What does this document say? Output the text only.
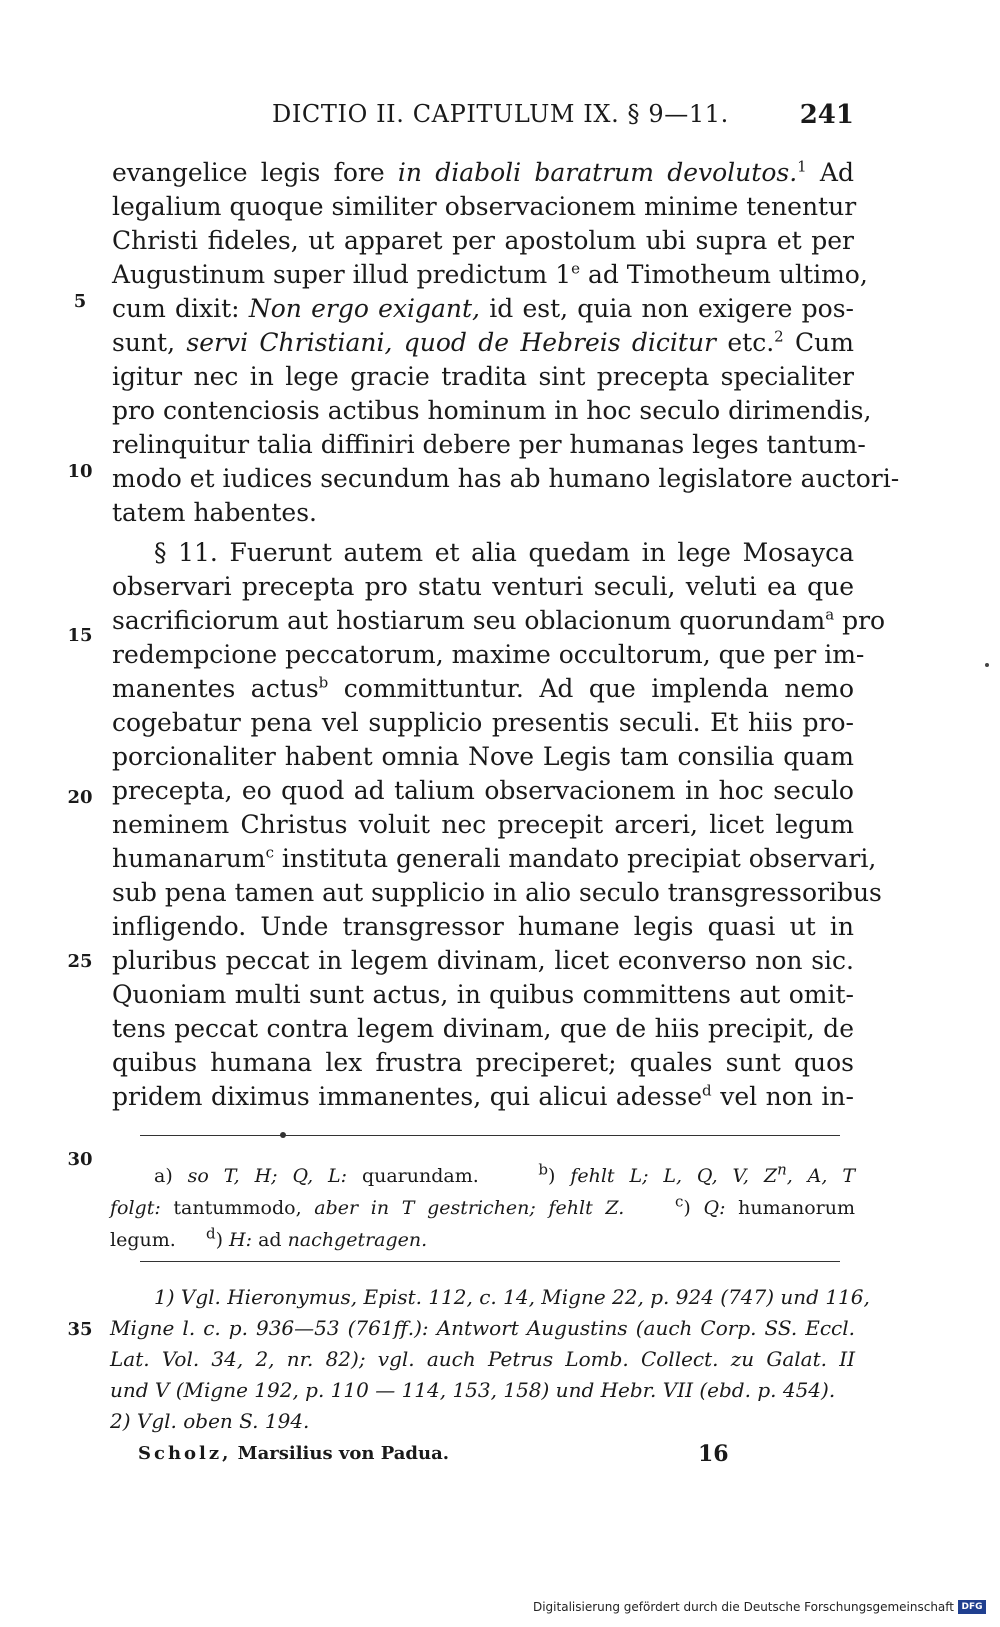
DICTIO II. CAPITULUM IX. § 9—11.	241
5
10
15
20
25
30
35
evangelice legis fore in diaboli baratrum devolutos.$^1$ Ad
legalium quoque similiter observacionem minime tenentur
Christi fideles, ut apparet per apostolum ubi supra et per
Augustinum super illud predictum 1e ad Timotheum ultimo,
cum dixit: Non ergo exigant, id est, quia non exigere pos-
sunt, servi Christiani, quod de Hebreis dicitur etc.$^2$ Cum
igitur nec in lege gracie tradita sint precepta specialiter
pro contenciosis actibus hominum in hoc seculo dirimendis,
relinquitur talia diffiniri debere per humanas leges tantum-
modo et iudices secundum has ab humano legislatore auctori-
tatem habentes.
§ 11. Fuerunt autem et alia quedam in lege Mosayca
observari precepta pro statu venturi seculi, veluti ea que
sacrificiorum aut hostiarum seu oblacionum quorundam$^a$ pro
redempcione peccatorum, maxime occultorum, que per im-
manentes actus$^b$ committuntur. Ad que implenda nemo
cogebatur pena vel supplicio presentis seculi. Et hiis pro-
porcionaliter habent omnia Nove Legis tam consilia quam
precepta, eo quod ad talium observacionem in hoc seculo
neminem Christus voluit nec precepit arceri, licet legum
humanarum$^c$ instituta generali mandato precipiat observari,
sub pena tamen aut supplicio in alio seculo transgressoribus
infligendo. Unde transgressor humane legis quasi ut in
pluribus peccat in legem divinam, licet econverso non sic.
Quoniam multi sunt actus, in quibus committens aut omit-
tens peccat contra legem divinam, que de hiis precipit, de
quibus humana lex frustra preciperet; quales sunt quos
pridem diximus immanentes, qui alicui adesse$^d$ vel non in-
a) so T, H; Q, L: quarundam.    $^b$) fehlt L; L, Q, V, $Z^n$, A, T
folgt: tantummodo, aber in T gestrichen; fehlt Z.	$^c$) Q: humanorum
legum.     $^d$) H: ad nachgetragen.
1) Vgl. Hieronymus, Epist. 112, c. 14, Migne 22, p. 924 (747) und 116,
Migne l. c. p. 936—53 (761ff.): Antwort Augustins (auch Corp. SS. Eccl.
Lat. Vol. 34, 2, nr. 82); vgl. auch Petrus Lomb. Collect. zu Galat. II
und V (Migne 192, p. 110 — 114, 153, 158) und Hebr. VII (ebd. p. 454).
2) Vgl. oben S. 194.
Scholz, Marsilius von Padua.	16
Digitalisierung gefördert durch die Deutsche Forschungsgemeinschaft DFG
